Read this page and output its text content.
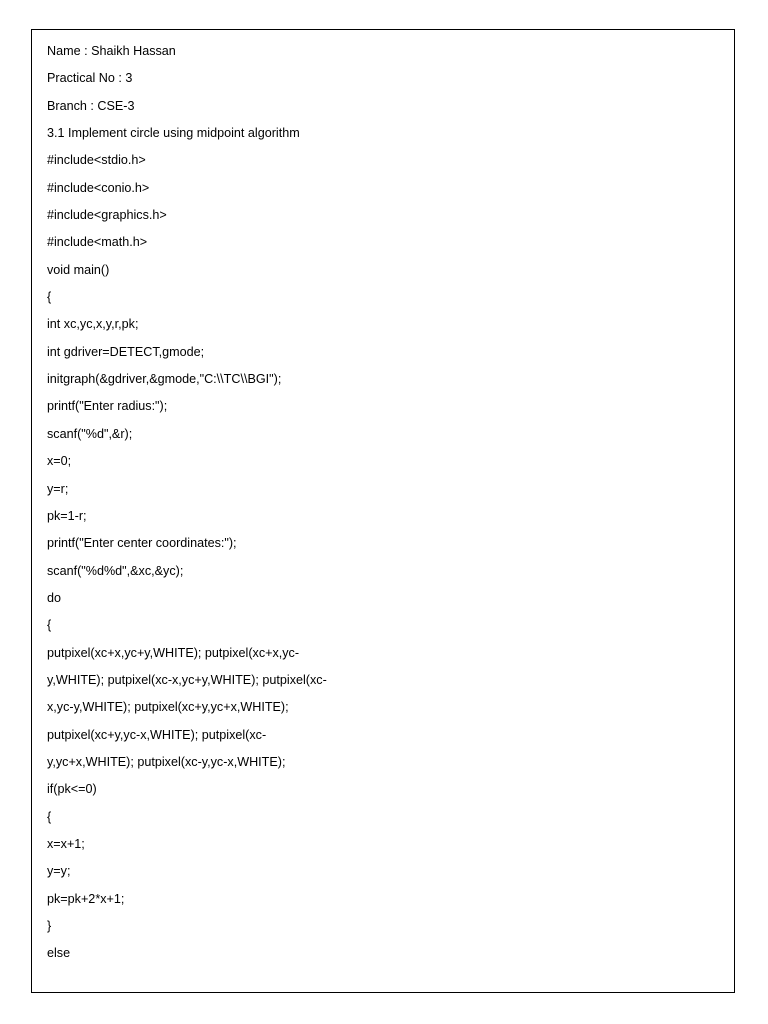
Name : Shaikh Hassan
Practical No : 3
Branch : CSE-3
3.1 Implement circle using midpoint algorithm
#include<stdio.h>
#include<conio.h>
#include<graphics.h>
#include<math.h>
void main()
{
int xc,yc,x,y,r,pk;
int gdriver=DETECT,gmode;
initgraph(&gdriver,&gmode,"C:\\TC\\BGI");
printf("Enter radius:");
scanf("%d",&r);
x=0;
y=r;
pk=1-r;
printf("Enter center coordinates:");
scanf("%d%d",&xc,&yc);
do
{
putpixel(xc+x,yc+y,WHITE); putpixel(xc+x,yc-
y,WHITE); putpixel(xc-x,yc+y,WHITE); putpixel(xc-
x,yc-y,WHITE); putpixel(xc+y,yc+x,WHITE);
putpixel(xc+y,yc-x,WHITE); putpixel(xc-
y,yc+x,WHITE); putpixel(xc-y,yc-x,WHITE);
if(pk<=0)
{
x=x+1;
y=y;
pk=pk+2*x+1;
}
else
